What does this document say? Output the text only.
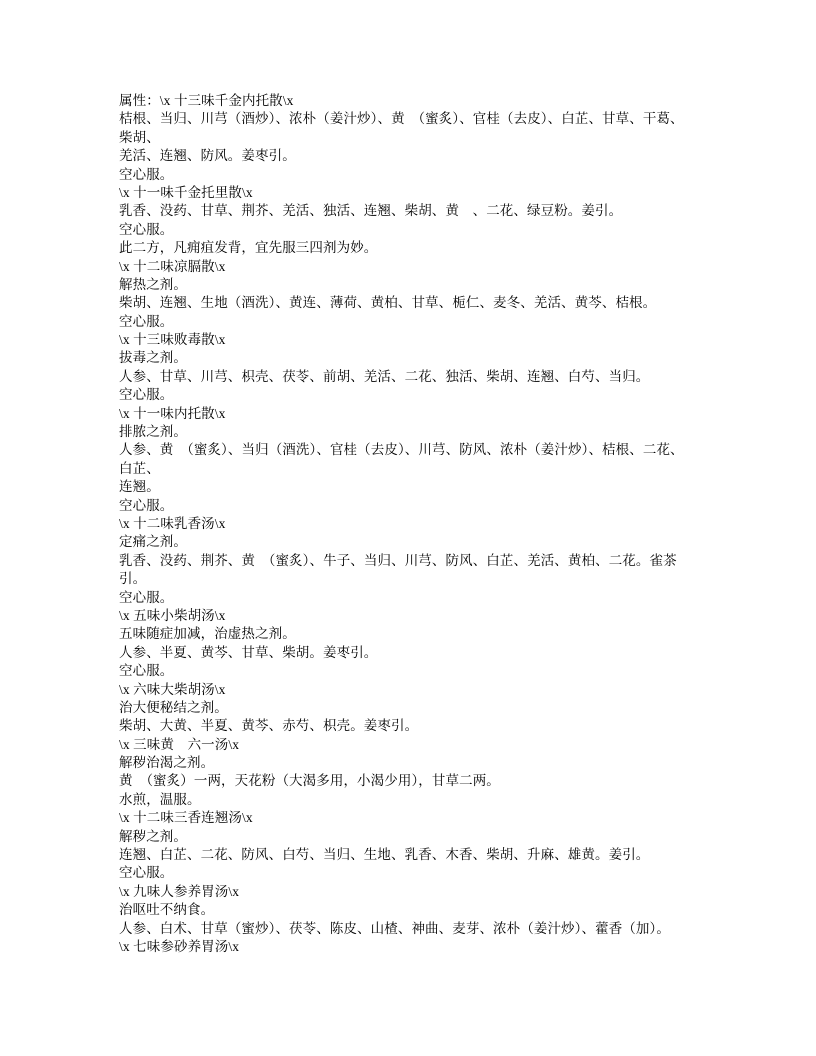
属性：\x 十三味千金内托散\x
桔根、当归、川芎（酒炒）、浓朴（姜汁炒）、黄　（蜜炙）、官桂（去皮）、白芷、甘草、干葛、
柴胡、
羌活、连翘、防风。姜枣引。
空心服。
\x 十一味千金托里散\x
乳香、没药、甘草、荆芥、羌活、独活、连翘、柴胡、黄　、二花、绿豆粉。姜引。
空心服。
此二方，凡痈疽发背，宜先服三四剂为妙。
\x 十二味凉膈散\x
解热之剂。
柴胡、连翘、生地（酒洗）、黄连、薄荷、黄柏、甘草、栀仁、麦冬、羌活、黄芩、桔根。
空心服。
\x 十三味败毒散\x
拔毒之剂。
人参、甘草、川芎、枳壳、茯苓、前胡、羌活、二花、独活、柴胡、连翘、白芍、当归。
空心服。
\x 十一味内托散\x
排脓之剂。
人参、黄　（蜜炙）、当归（酒洗）、官桂（去皮）、川芎、防风、浓朴（姜汁炒）、桔根、二花、
白芷、
连翘。
空心服。
\x 十二味乳香汤\x
定痛之剂。
乳香、没药、荆芥、黄　（蜜炙）、牛子、当归、川芎、防风、白芷、羌活、黄柏、二花。雀茶
引。
空心服。
\x 五味小柴胡汤\x
五味随症加减，治虚热之剂。
人参、半夏、黄芩、甘草、柴胡。姜枣引。
空心服。
\x 六味大柴胡汤\x
治大便秘结之剂。
柴胡、大黄、半夏、黄芩、赤芍、枳壳。姜枣引。
\x 三味黄　六一汤\x
解秽治渴之剂。
黄　（蜜炙）一两，天花粉（大渴多用，小渴少用），甘草二两。
水煎，温服。
\x 十二味三香连翘汤\x
解秽之剂。
连翘、白芷、二花、防风、白芍、当归、生地、乳香、木香、柴胡、升麻、雄黄。姜引。
空心服。
\x 九味人参养胃汤\x
治呕吐不纳食。
人参、白术、甘草（蜜炒）、茯苓、陈皮、山楂、神曲、麦芽、浓朴（姜汁炒）、藿香（加）。
\x 七味参砂养胃汤\x
